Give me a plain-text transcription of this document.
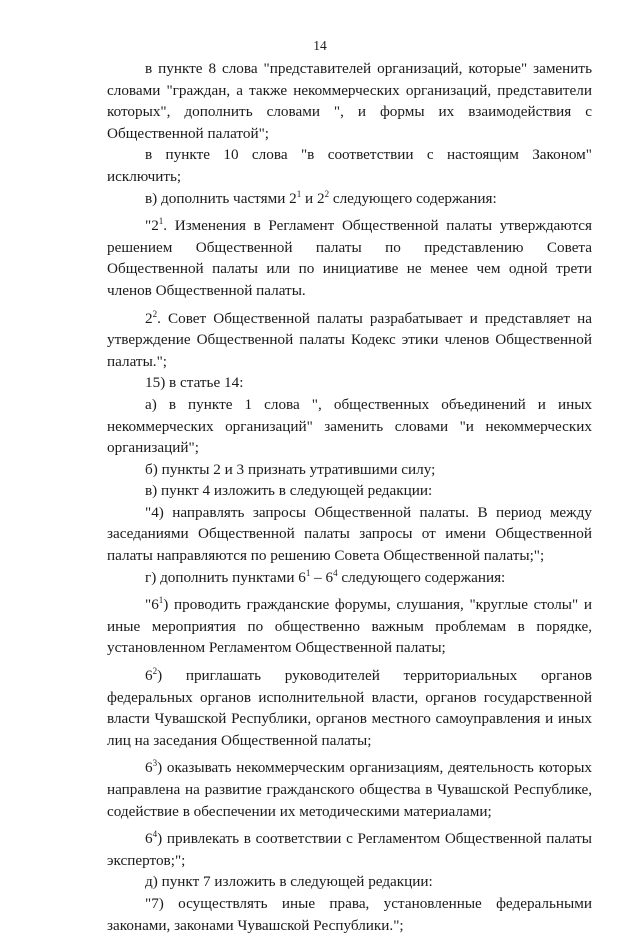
14

в пункте 8 слова "представителей организаций, которые" заменить словами "граждан, а также некоммерческих организаций, представители которых", дополнить словами ", и формы их взаимодействия с Общественной палатой";

в пункте 10 слова "в соответствии с настоящим Законом" исключить;

в) дополнить частями $2^1$ и $2^2$ следующего содержания:

"$2^1$. Изменения в Регламент Общественной палаты утверждаются решением Общественной палаты по представлению Совета Общественной палаты или по инициативе не менее чем одной трети членов Общественной палаты.

$2^2$. Совет Общественной палаты разрабатывает и представляет на утверждение Общественной палаты Кодекс этики членов Общественной палаты.";

15) в статье 14:

а) в пункте 1 слова ", общественных объединений и иных некоммерческих организаций" заменить словами "и некоммерческих организаций";

б) пункты 2 и 3 признать утратившими силу;

в) пункт 4 изложить в следующей редакции:

"4) направлять запросы Общественной палаты. В период между заседаниями Общественной палаты запросы от имени Общественной палаты направляются по решению Совета Общественной палаты;";

г) дополнить пунктами $6^1 - 6^4$ следующего содержания:

"$6^1$) проводить гражданские форумы, слушания, "круглые столы" и иные мероприятия по общественно важным проблемам в порядке, установленном Регламентом Общественной палаты;

$6^2$) приглашать руководителей территориальных органов федеральных органов исполнительной власти, органов государственной власти Чувашской Республики, органов местного самоуправления и иных лиц на заседания Общественной палаты;

$6^3$) оказывать некоммерческим организациям, деятельность которых направлена на развитие гражданского общества в Чувашской Республике, содействие в обеспечении их методическими материалами;

$6^4$) привлекать в соответствии с Регламентом Общественной палаты экспертов;";

д) пункт 7 изложить в следующей редакции:

"7) осуществлять иные права, установленные федеральными законами, законами Чувашской Республики.";
